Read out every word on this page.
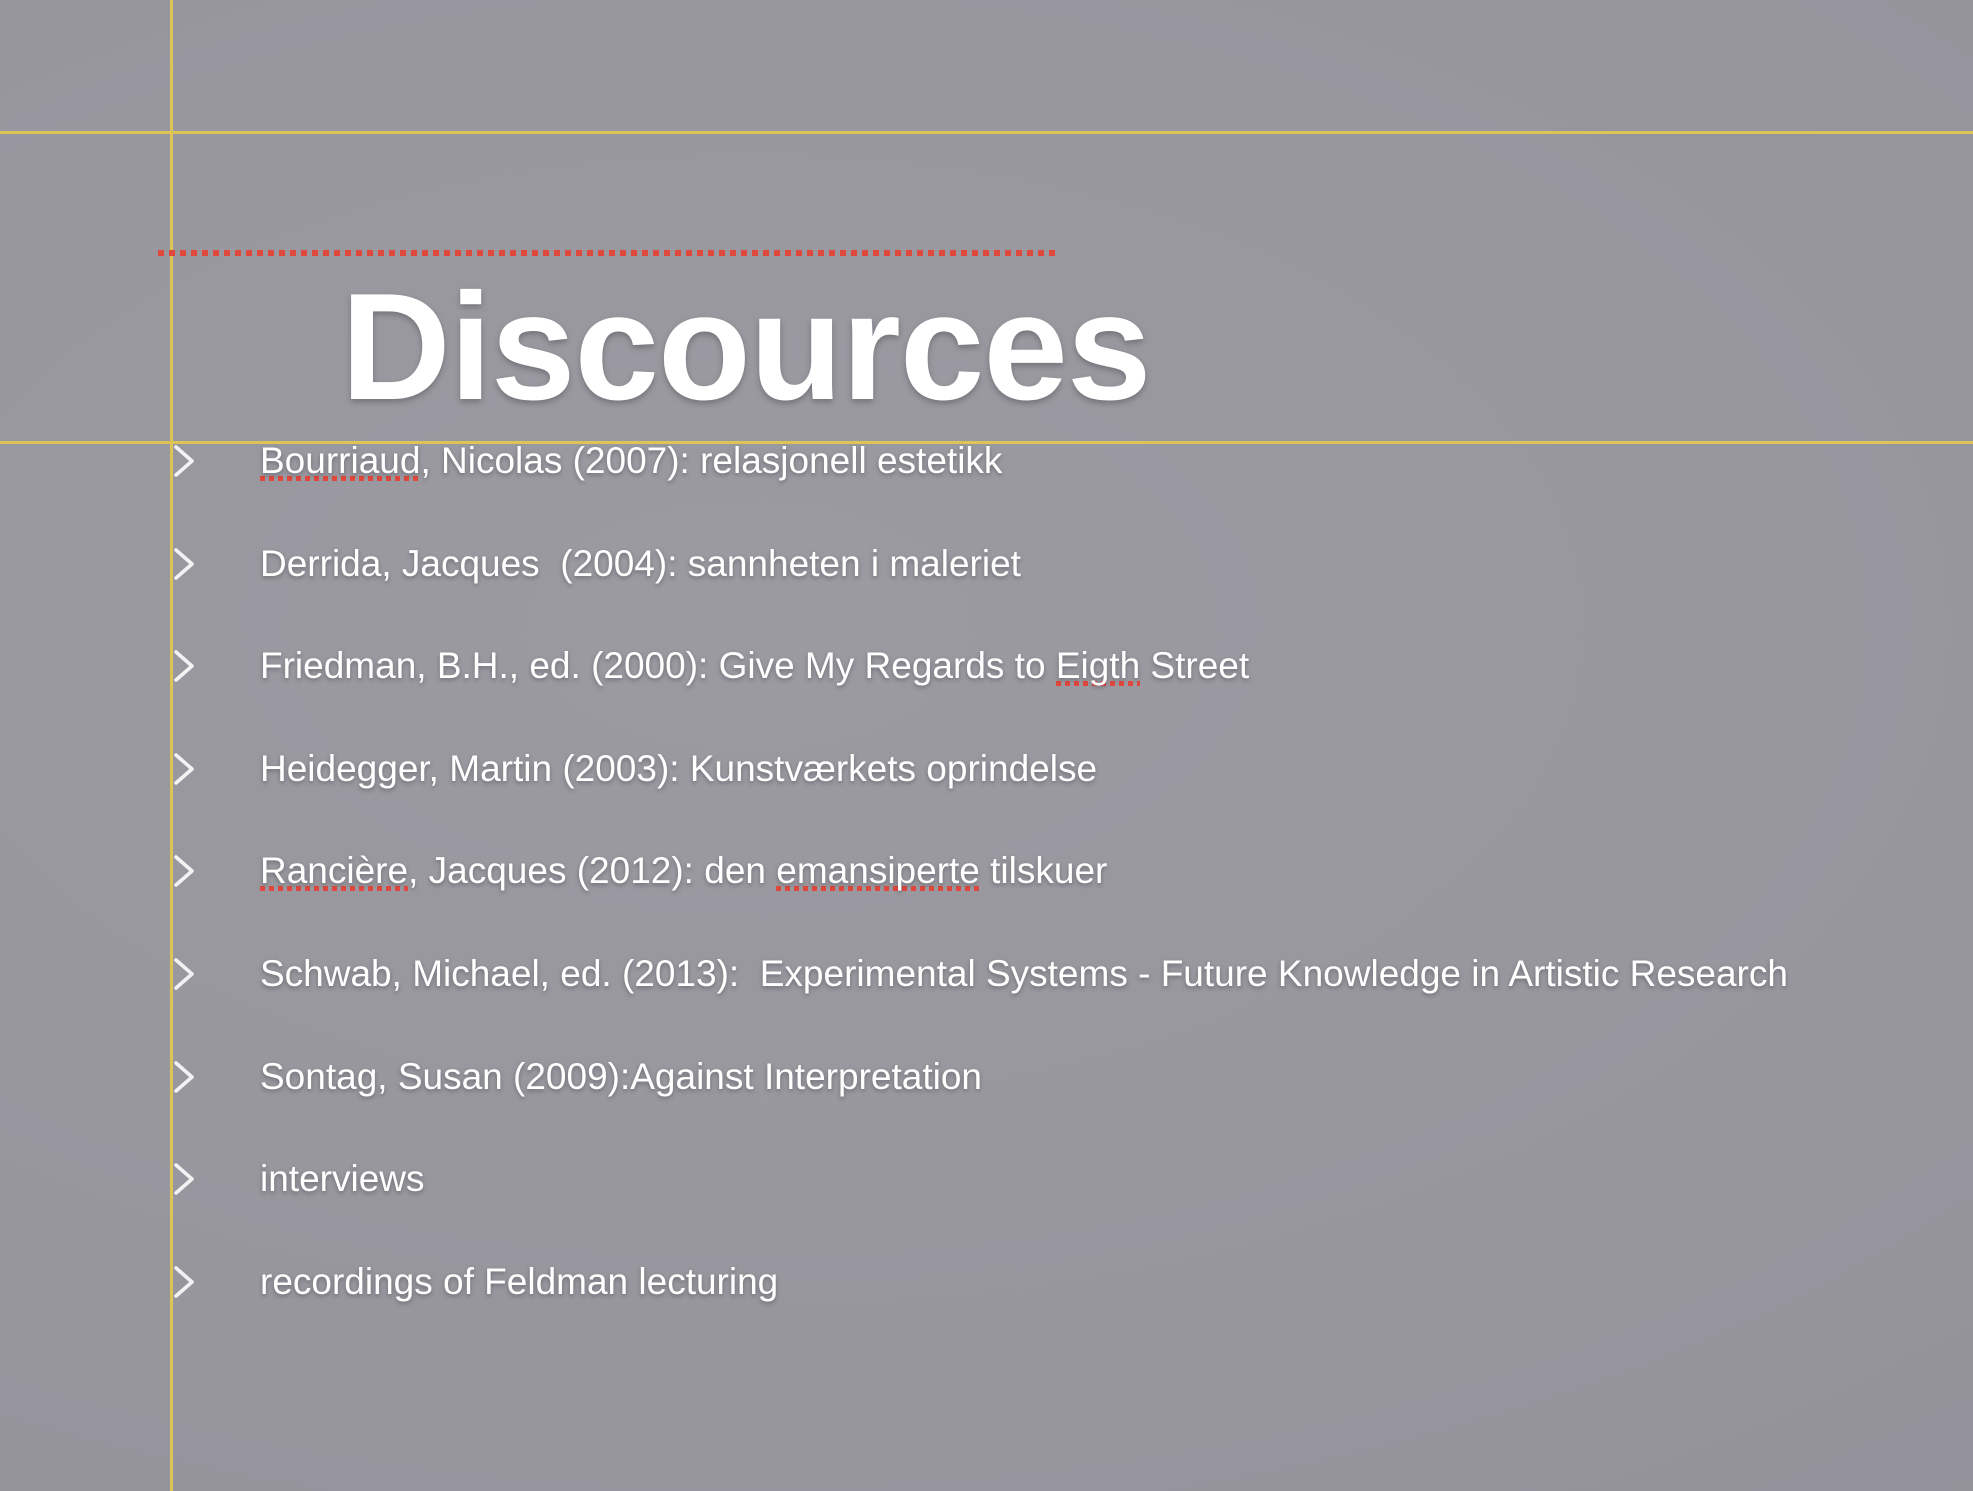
Discources

Bourriaud, Nicolas (2007): relasjonell estetikk
Derrida, Jacques  (2004): sannheten i maleriet
Friedman, B.H., ed. (2000): Give My Regards to Eigth Street
Heidegger, Martin (2003): Kunstværkets oprindelse
Rancière, Jacques (2012): den emansiperte tilskuer
Schwab, Michael, ed. (2013):  Experimental Systems - Future Knowledge in Artistic Research
Sontag, Susan (2009):Against Interpretation
interviews
recordings of Feldman lecturing
